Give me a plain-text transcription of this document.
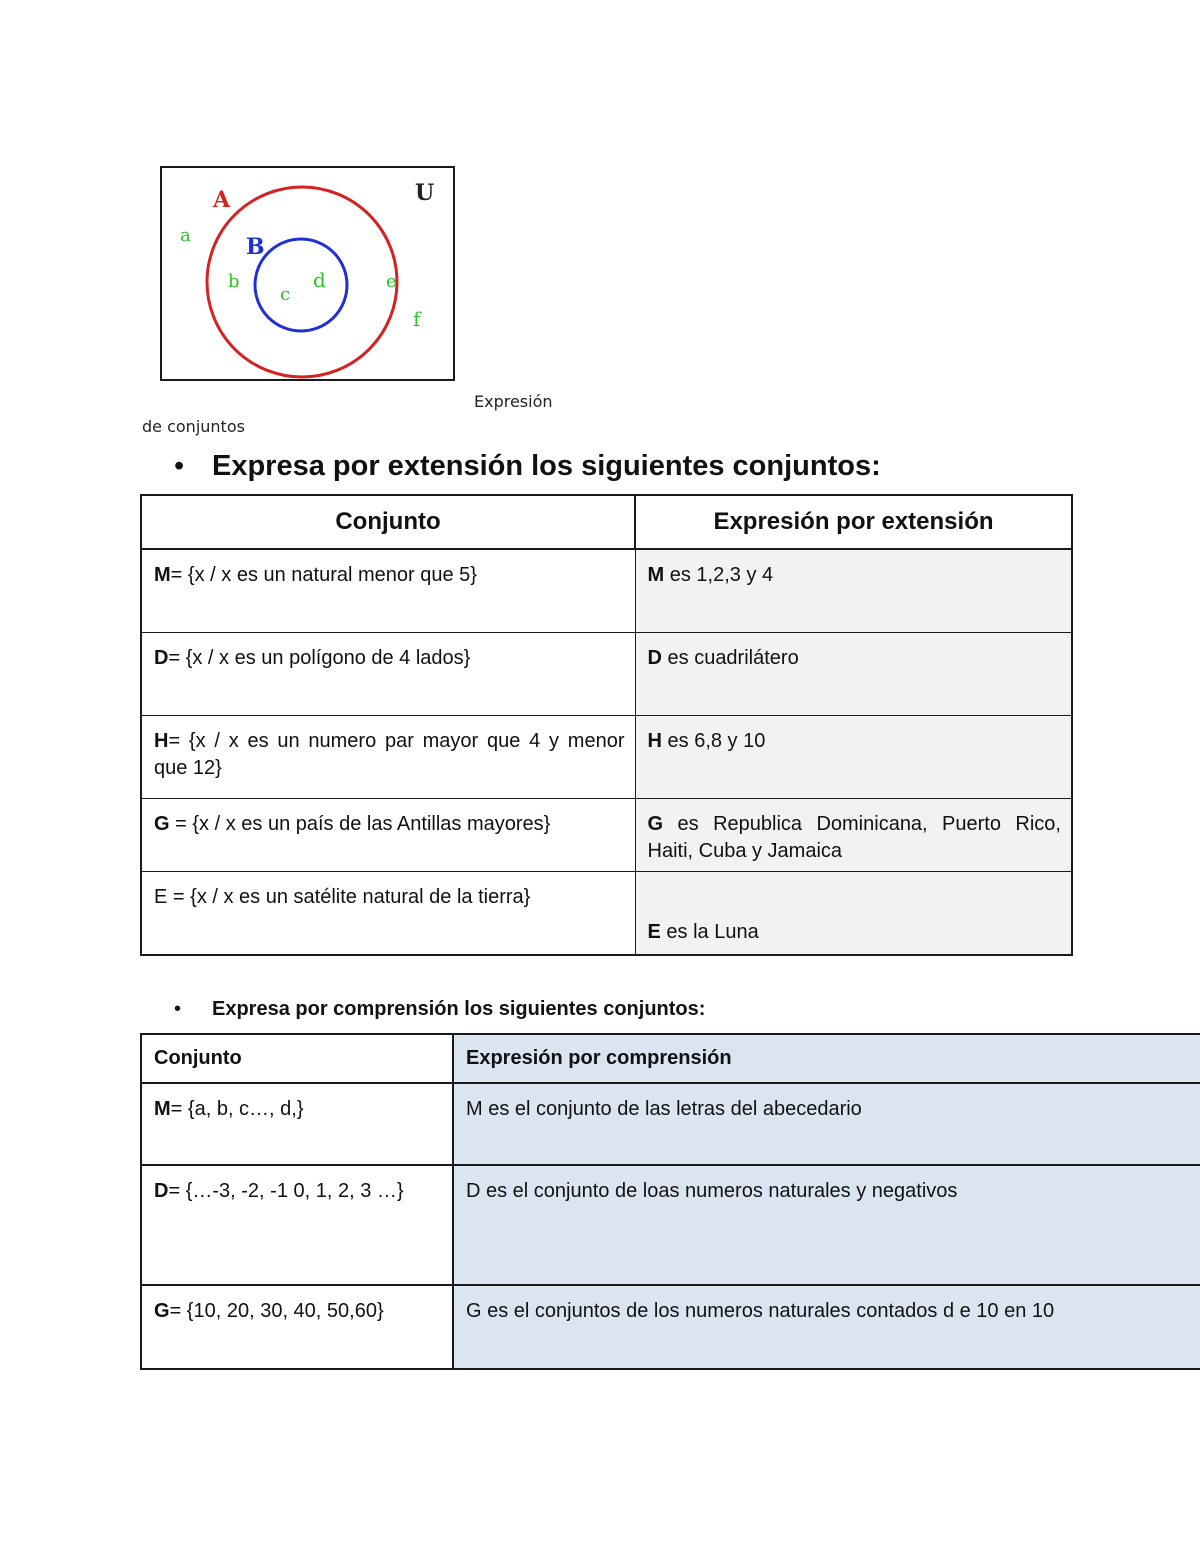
U
A
B
a
b
c
d	e
f
Expresión
de conjuntos
• Expresa por extensión los siguientes conjuntos:
Conjunto	Expresión por extensión
M= {x / x es un natural menor que 5}	M es 1,2,3 y 4
D= {x / x es un polígono de 4 lados}	D es cuadrilátero
H= {x / x es un numero par mayor que 4 y menor que 12}	H es 6,8 y 10
G = {x / x es un país de las Antillas mayores}	G es Republica Dominicana, Puerto Rico, Haiti, Cuba y Jamaica
E = {x / x es un satélite natural de la tierra}	E es la Luna
• Expresa por comprensión los siguientes conjuntos:
Conjunto	Expresión por comprensión
M= {a, b, c…, d,}	M es el conjunto de las letras del abecedario
D= {…-3, -2, -1 0, 1, 2, 3 …}	D es el conjunto de loas numeros naturales y negativos
G= {10, 20, 30, 40, 50,60}	G es el conjuntos de los numeros naturales contados d e 10 en 10
